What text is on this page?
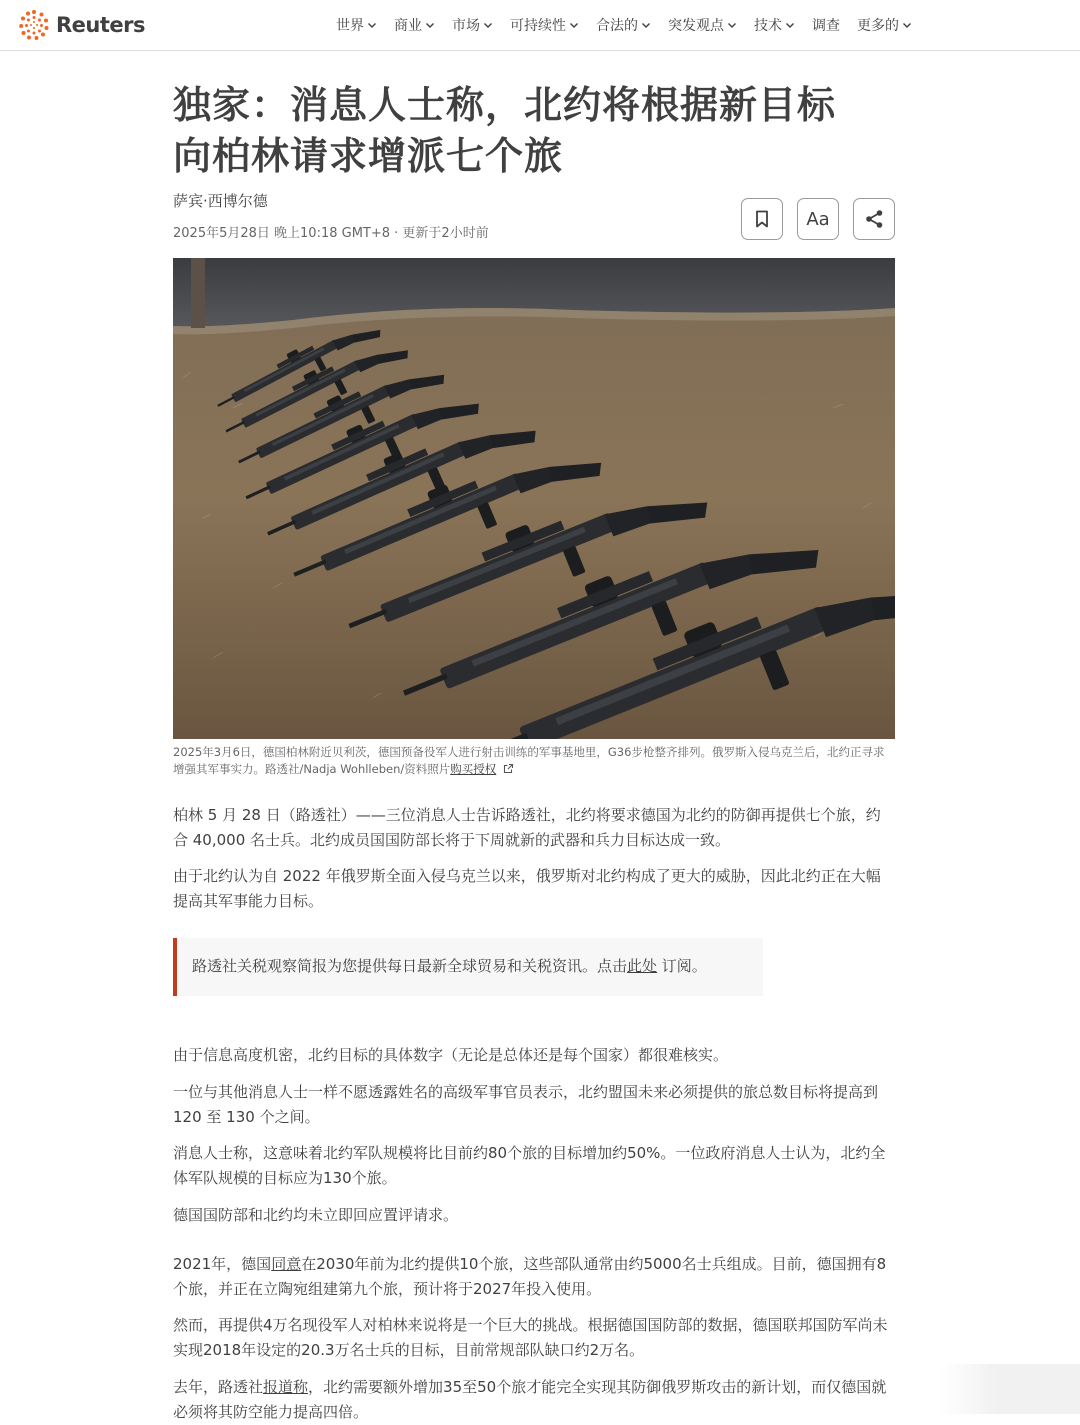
Reuters	世界 商业 市场 可持续性 合法的 突发观点 技术 调查 更多的
独家：消息人士称，北约将根据新目标
向柏林请求增派七个旅
萨宾·西博尔德
2025年5月28日 晚上10:18 GMT+8 · 更新于2小时前
Aa
2025年3月6日，德国柏林附近贝利茨，德国预备役军人进行射击训练的军事基地里，G36步枪整齐排列。俄罗斯入侵乌克兰后，北约正寻求增强其军事实力。路透社/Nadja Wohlleben/资料照片购买授权

柏林 5 月 28 日（路透社）——三位消息人士告诉路透社，北约将要求德国为北约的防御再提供七个旅，约合 40,000 名士兵。北约成员国国防部长将于下周就新的武器和兵力目标达成一致。

由于北约认为自 2022 年俄罗斯全面入侵乌克兰以来，俄罗斯对北约构成了更大的威胁，因此北约正在大幅提高其军事能力目标。

路透社关税观察简报为您提供每日最新全球贸易和关税资讯。点击此处 订阅。

由于信息高度机密，北约目标的具体数字（无论是总体还是每个国家）都很难核实。

一位与其他消息人士一样不愿透露姓名的高级军事官员表示，北约盟国未来必须提供的旅总数目标将提高到 120 至 130 个之间。

消息人士称，这意味着北约军队规模将比目前约80个旅的目标增加约50%。一位政府消息人士认为，北约全体军队规模的目标应为130个旅。

德国国防部和北约均未立即回应置评请求。

2021年，德国同意在2030年前为北约提供10个旅，这些部队通常由约5000名士兵组成。目前，德国拥有8个旅，并正在立陶宛组建第九个旅，预计将于2027年投入使用。

然而，再提供4万名现役军人对柏林来说将是一个巨大的挑战。根据德国国防部的数据，德国联邦国防军尚未实现2018年设定的20.3万名士兵的目标，目前常规部队缺口约2万名。

去年，路透社报道称，北约需要额外增加35至50个旅才能完全实现其防御俄罗斯攻击的新计划，而仅德国就必须将其防空能力提高四倍。
